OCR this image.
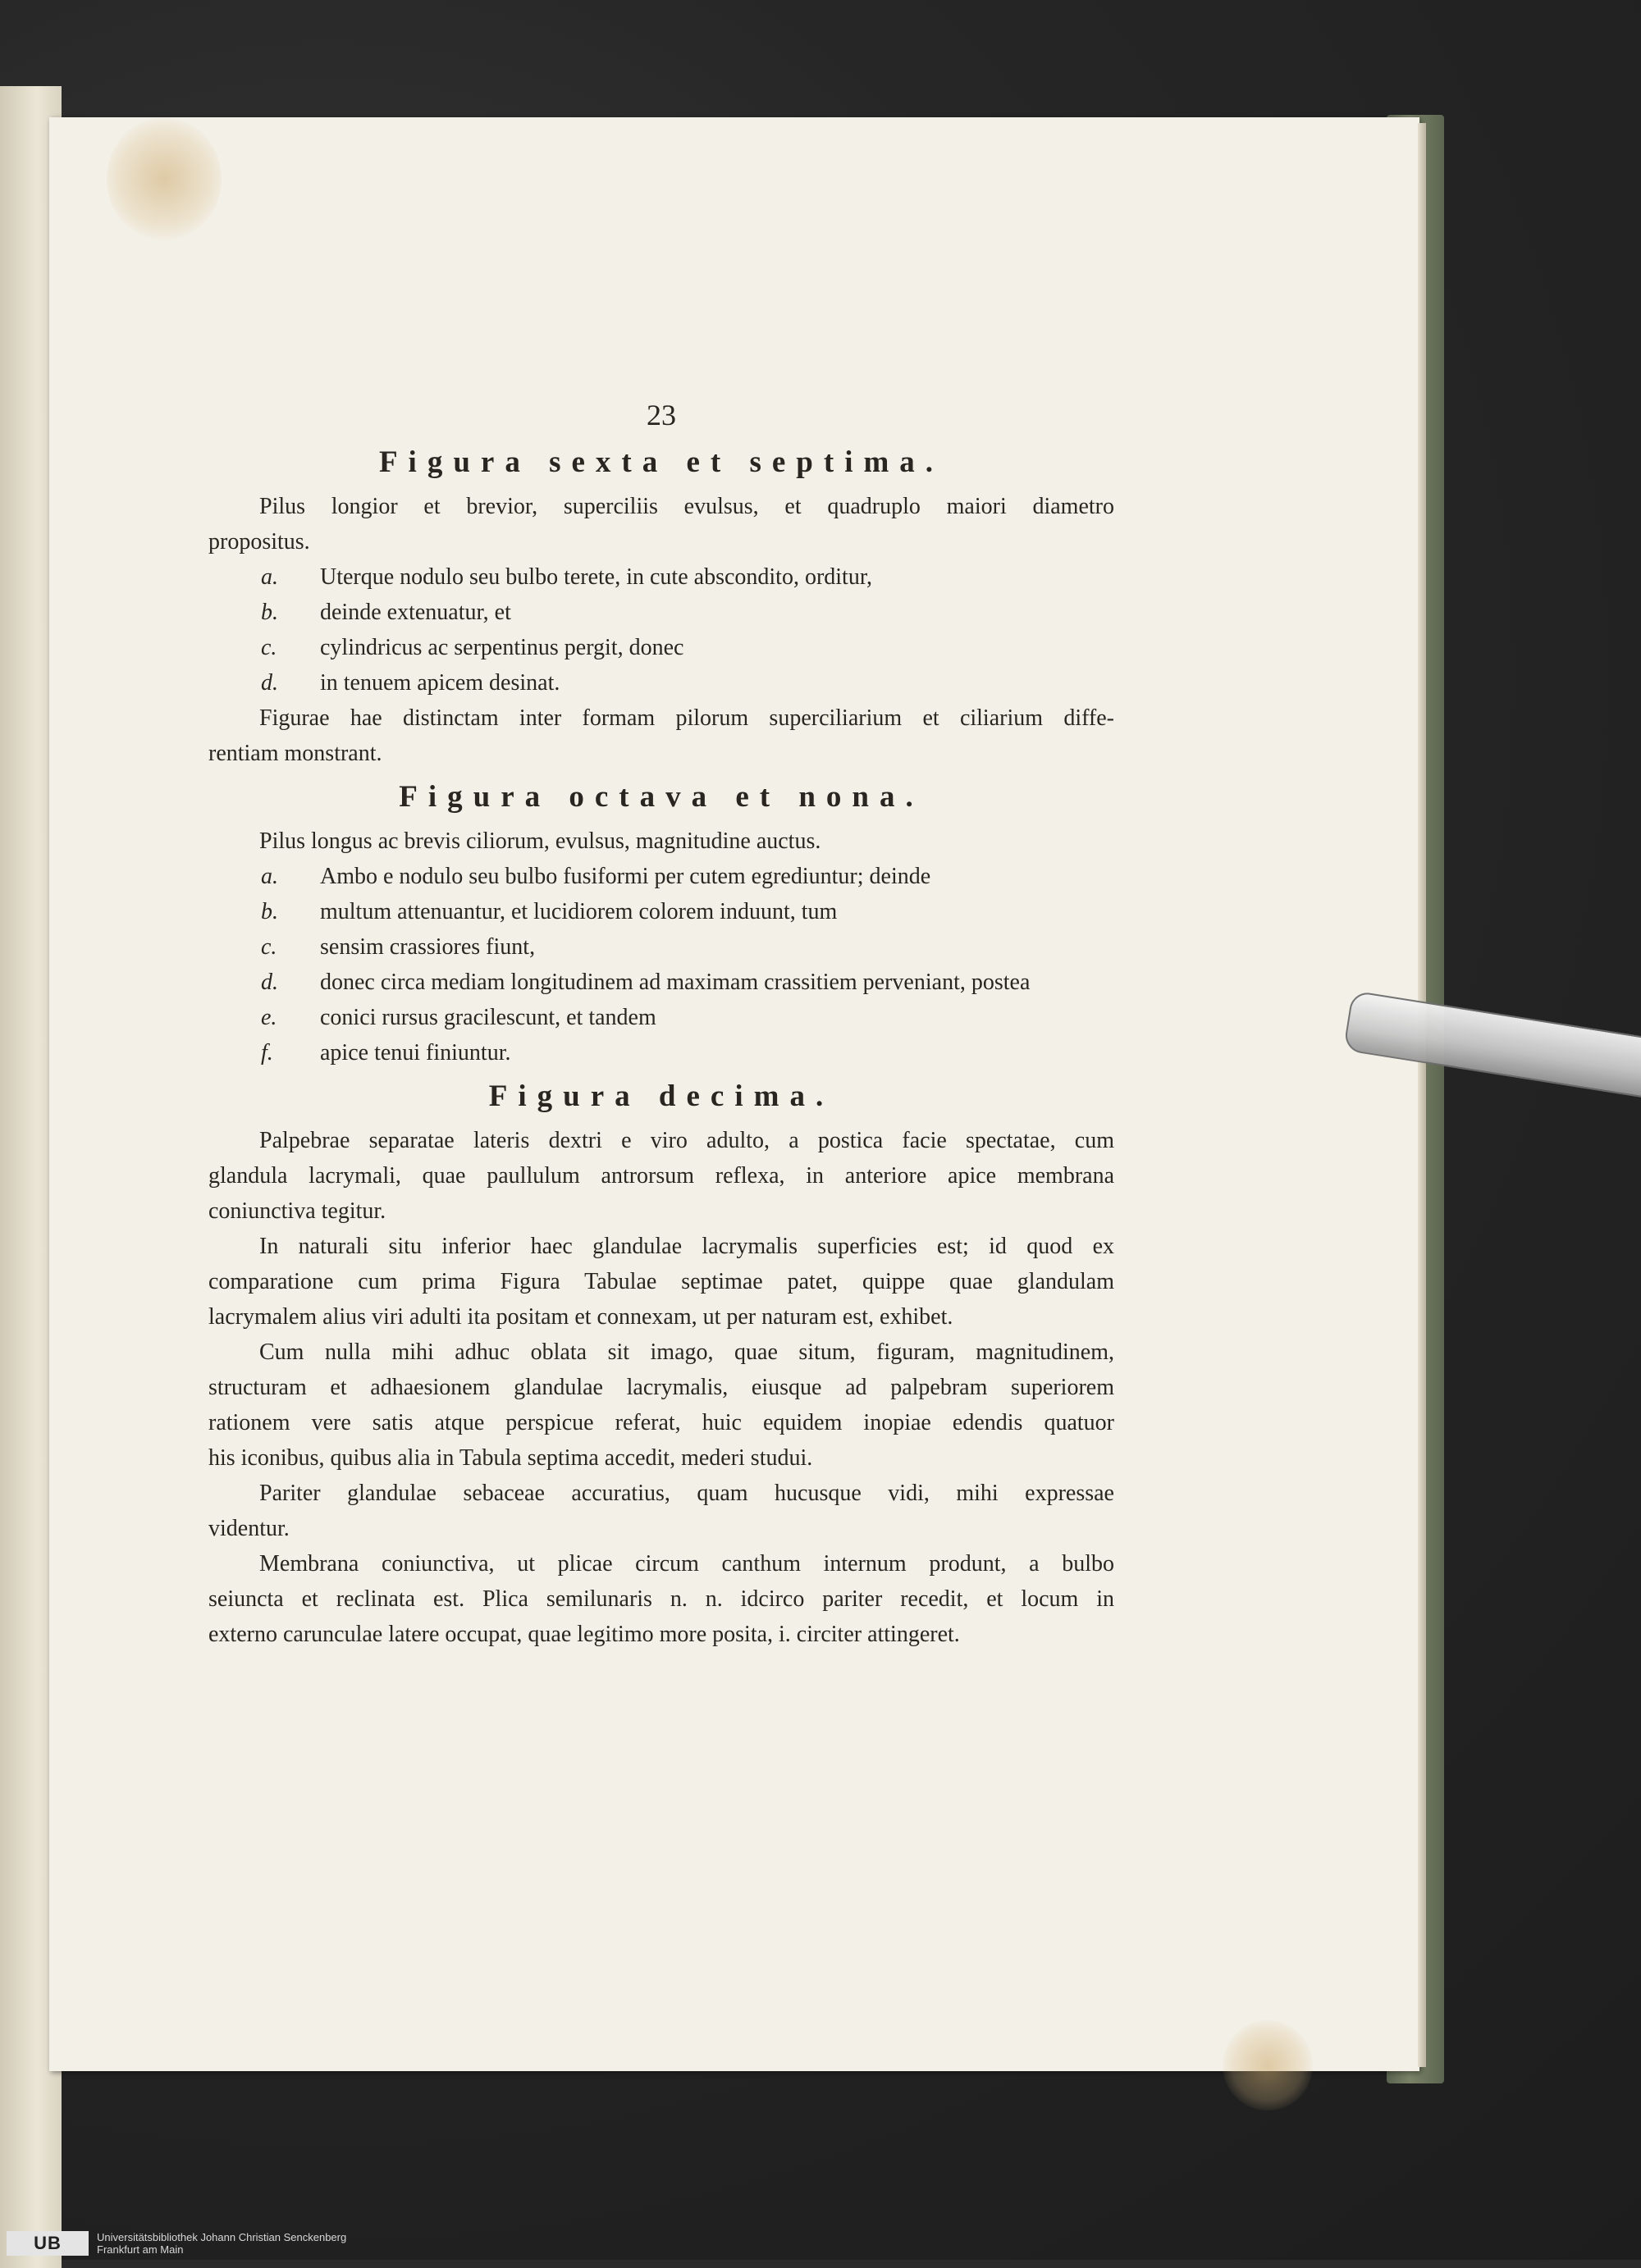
23
Figura sexta et septima.
Pilus longior et brevior, superciliis evulsus, et quadruplo maiori diametro
propositus.
a.	Uterque nodulo seu bulbo terete, in cute abscondito, orditur,
b.	deinde extenuatur, et
c.	cylindricus ac serpentinus pergit, donec
d.	in tenuem apicem desinat.
Figurae hae distinctam inter formam pilorum superciliarium et ciliarium diffe-
rentiam monstrant.
Figura octava et nona.
Pilus longus ac brevis ciliorum, evulsus, magnitudine auctus.
a.	Ambo e nodulo seu bulbo fusiformi per cutem egrediuntur; deinde
b.	multum attenuantur, et lucidiorem colorem induunt, tum
c.	sensim crassiores fiunt,
d.	donec circa mediam longitudinem ad maximam crassitiem perveniant, postea
e.	conici rursus gracilescunt, et tandem
f.	apice tenui finiuntur.
Figura decima.
Palpebrae separatae lateris dextri e viro adulto, a postica facie spectatae, cum
glandula lacrymali, quae paullulum antrorsum reflexa, in anteriore apice membrana
coniunctiva tegitur.
In naturali situ inferior haec glandulae lacrymalis superficies est; id quod ex
comparatione cum prima Figura Tabulae septimae patet, quippe quae glandulam
lacrymalem alius viri adulti ita positam et connexam, ut per naturam est, exhibet.
Cum nulla mihi adhuc oblata sit imago, quae situm, figuram, magnitudinem,
structuram et adhaesionem glandulae lacrymalis, eiusque ad palpebram superiorem
rationem vere satis atque perspicue referat, huic equidem inopiae edendis quatuor
his iconibus, quibus alia in Tabula septima accedit, mederi studui.
Pariter glandulae sebaceae accuratius, quam hucusque vidi, mihi expressae
videntur.
Membrana coniunctiva, ut plicae circum canthum internum produnt, a bulbo
seiuncta et reclinata est. Plica semilunaris n. n. idcirco pariter recedit, et locum in
externo carunculae latere occupat, quae legitimo more posita, i. circiter attingeret.
UB	Universitätsbibliothek Johann Christian Senckenberg
Frankfurt am Main
